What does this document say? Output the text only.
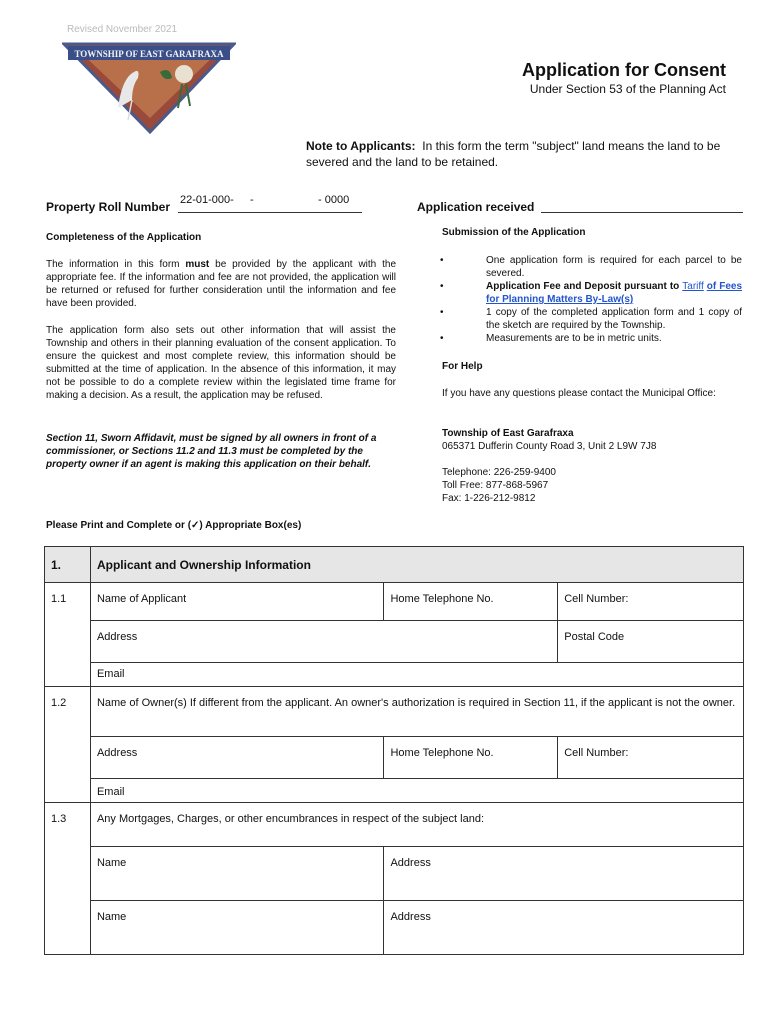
Revised November 2021
TOWNSHIP OF EAST GARAFRAXA
Application for Consent
Under Section 53 of the Planning Act
Note to Applicants: In this form the term "subject" land means the land to be severed and the land to be retained.
Property Roll Number 22-01-000- -	- 0000	Application received
Completeness of the Application
The information in this form must be provided by the applicant with the appropriate fee. If the information and fee are not provided, the application will be returned or refused for further consideration until the information and fee have been provided.
The application form also sets out other information that will assist the Township and others in their planning evaluation of the consent application. To ensure the quickest and most complete review, this information should be submitted at the time of application. In the absence of this information, it may not be possible to do a complete review within the legislated time frame for making a decision. As a result, the application may be refused.
Section 11, Sworn Affidavit, must be signed by all owners in front of a commissioner, or Sections 11.2 and 11.3 must be completed by the property owner if an agent is making this application on their behalf.
Submission of the Application
•	One application form is required for each parcel to be severed.
•	Application Fee and Deposit pursuant to Tariff of Fees for Planning Matters By-Law(s)
•	1 copy of the completed application form and 1 copy of the sketch are required by the Township.
•	Measurements are to be in metric units.
For Help
If you have any questions please contact the Municipal Office:
Township of East Garafraxa
065371 Dufferin County Road 3, Unit 2 L9W 7J8
Telephone: 226-259-9400
Toll Free: 877-868-5967
Fax: 1-226-212-9812
Please Print and Complete or (✓) Appropriate Box(es)
1.	Applicant and Ownership Information		

1.1	Name of Applicant	Home Telephone No.	Cell Number:

	Address		Postal Code

	Email		

1.2	Name of Owner(s) If different from the applicant. An owner's authorization is required in Section 11, if the applicant is not the owner.		

	Address	Home Telephone No.	Cell Number:

	Email		

1.3	Any Mortgages, Charges, or other encumbrances in respect of the subject land:		

	Name	Address	

	Name	Address	
